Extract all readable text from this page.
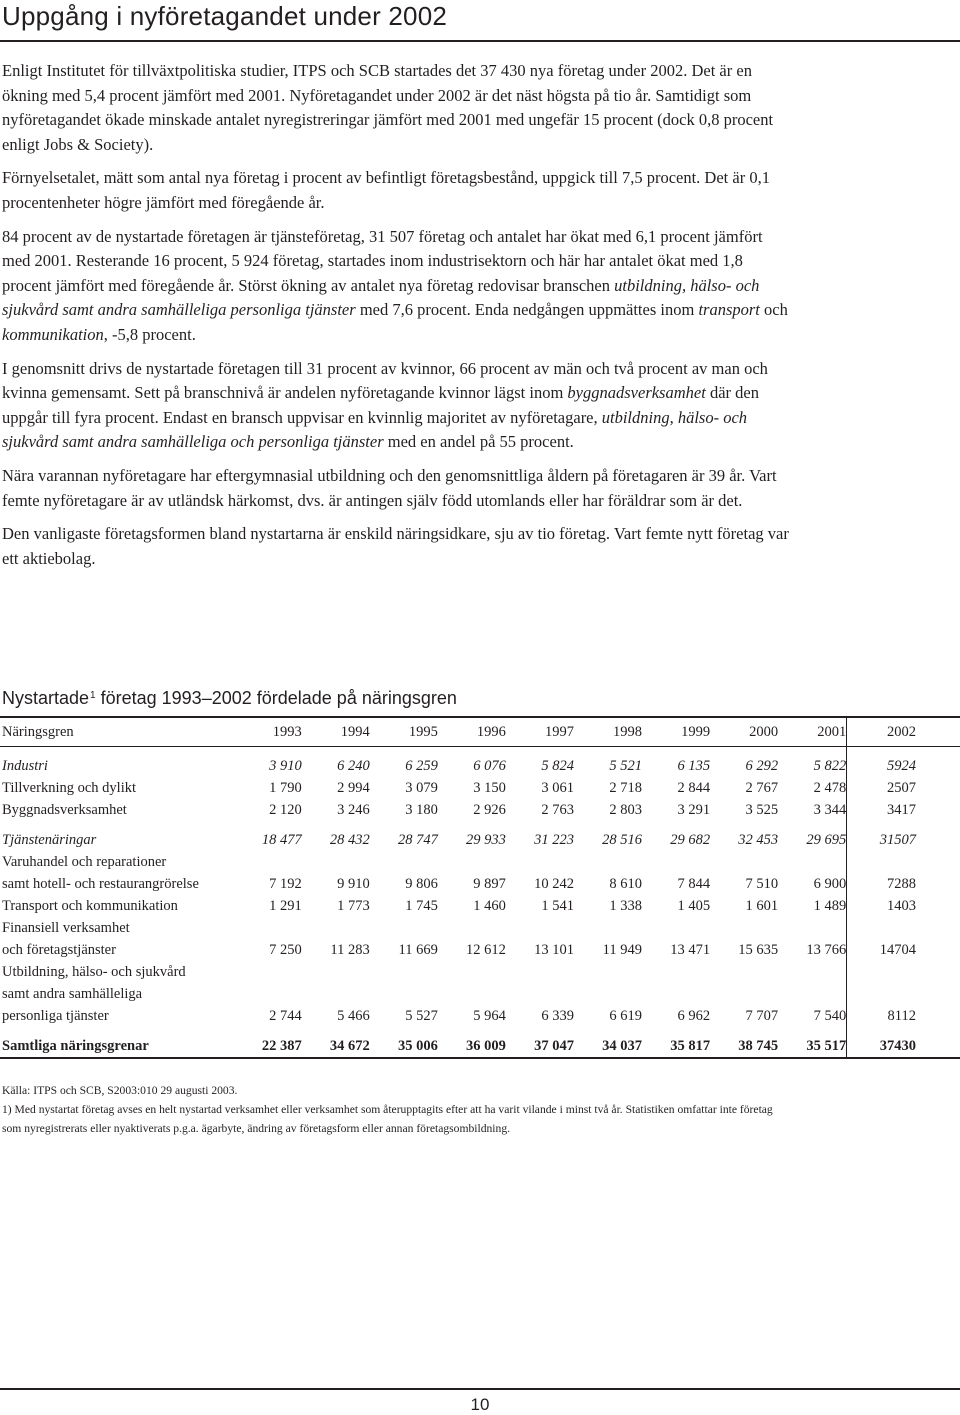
Uppgång i nyföretagandet under 2002

Enligt Institutet för tillväxtpolitiska studier, ITPS och SCB startades det 37 430 nya företag under 2002. Det är en ökning med 5,4 procent jämfört med 2001. Nyföretagandet under 2002 är det näst högsta på tio år. Samtidigt som nyföretagandet ökade minskade antalet nyregistreringar jämfört med 2001 med ungefär 15 procent (dock 0,8 procent enligt Jobs & Society).

Förnyelsetalet, mätt som antal nya företag i procent av befintligt företagsbestånd, uppgick till 7,5 procent. Det är 0,1 procentenheter högre jämfört med föregående år.

84 procent av de nystartade företagen är tjänsteföretag, 31 507 företag och antalet har ökat med 6,1 procent jämfört med 2001. Resterande 16 procent, 5 924 företag, startades inom industrisektorn och här har antalet ökat med 1,8 procent jämfört med föregående år. Störst ökning av antalet nya företag redovisar branschen utbildning, hälso- och sjukvård samt andra samhälleliga personliga tjänster med 7,6 procent. Enda nedgången uppmättes inom transport och kommunikation, -5,8 procent.

I genomsnitt drivs de nystartade företagen till 31 procent av kvinnor, 66 procent av män och två procent av man och kvinna gemensamt. Sett på branschnivå är andelen nyföretagande kvinnor lägst inom byggnadsverksamhet där den uppgår till fyra procent. Endast en bransch uppvisar en kvinnlig majoritet av nyföretagare, utbildning, hälso- och sjukvård samt andra samhälleliga och personliga tjänster med en andel på 55 procent.

Nära varannan nyföretagare har eftergymnasial utbildning och den genomsnittliga åldern på företagaren är 39 år. Vart femte nyföretagare är av utländsk härkomst, dvs. är antingen själv född utomlands eller har föräldrar som är det.

Den vanligaste företagsformen bland nystartarna är enskild näringsidkare, sju av tio företag. Vart femte nytt företag var ett aktiebolag.

Nystartade$^1$ företag 1993–2002 fördelade på näringsgren
Näringsgren	1993	1994	1995	1996	1997	1998	1999	2000	2001	2002
Industri	3 910	6 240	6 259	6 076	5 824	5 521	6 135	6 292	5 822	5924
Tillverkning och dylikt	1 790	2 994	3 079	3 150	3 061	2 718	2 844	2 767	2 478	2507
Byggnadsverksamhet	2 120	3 246	3 180	2 926	2 763	2 803	3 291	3 525	3 344	3417
Tjänstenäringar	18 477	28 432	28 747	29 933	31 223	28 516	29 682	32 453	29 695	31507
Varuhandel och reparationer
samt hotell- och restaurangrörelse	7 192	9 910	9 806	9 897	10 242	8 610	7 844	7 510	6 900	7288
Transport och kommunikation	1 291	1 773	1 745	1 460	1 541	1 338	1 405	1 601	1 489	1403
Finansiell verksamhet
och företagstjänster	7 250	11 283	11 669	12 612	13 101	11 949	13 471	15 635	13 766	14704
Utbildning, hälso- och sjukvård
samt andra samhälleliga
personliga tjänster	2 744	5 466	5 527	5 964	6 339	6 619	6 962	7 707	7 540	8112
Samtliga näringsgrenar	22 387	34 672	35 006	36 009	37 047	34 037	35 817	38 745	35 517	37430

Källa: ITPS och SCB, S2003:010 29 augusti 2003.

1) Med nystartat företag avses en helt nystartad verksamhet eller verksamhet som återupptagits efter att ha varit vilande i minst två år. Statistiken omfattar inte företag
som nyregistrerats eller nyaktiverats p.g.a. ägarbyte, ändring av företagsform eller annan företagsombildning.

10
